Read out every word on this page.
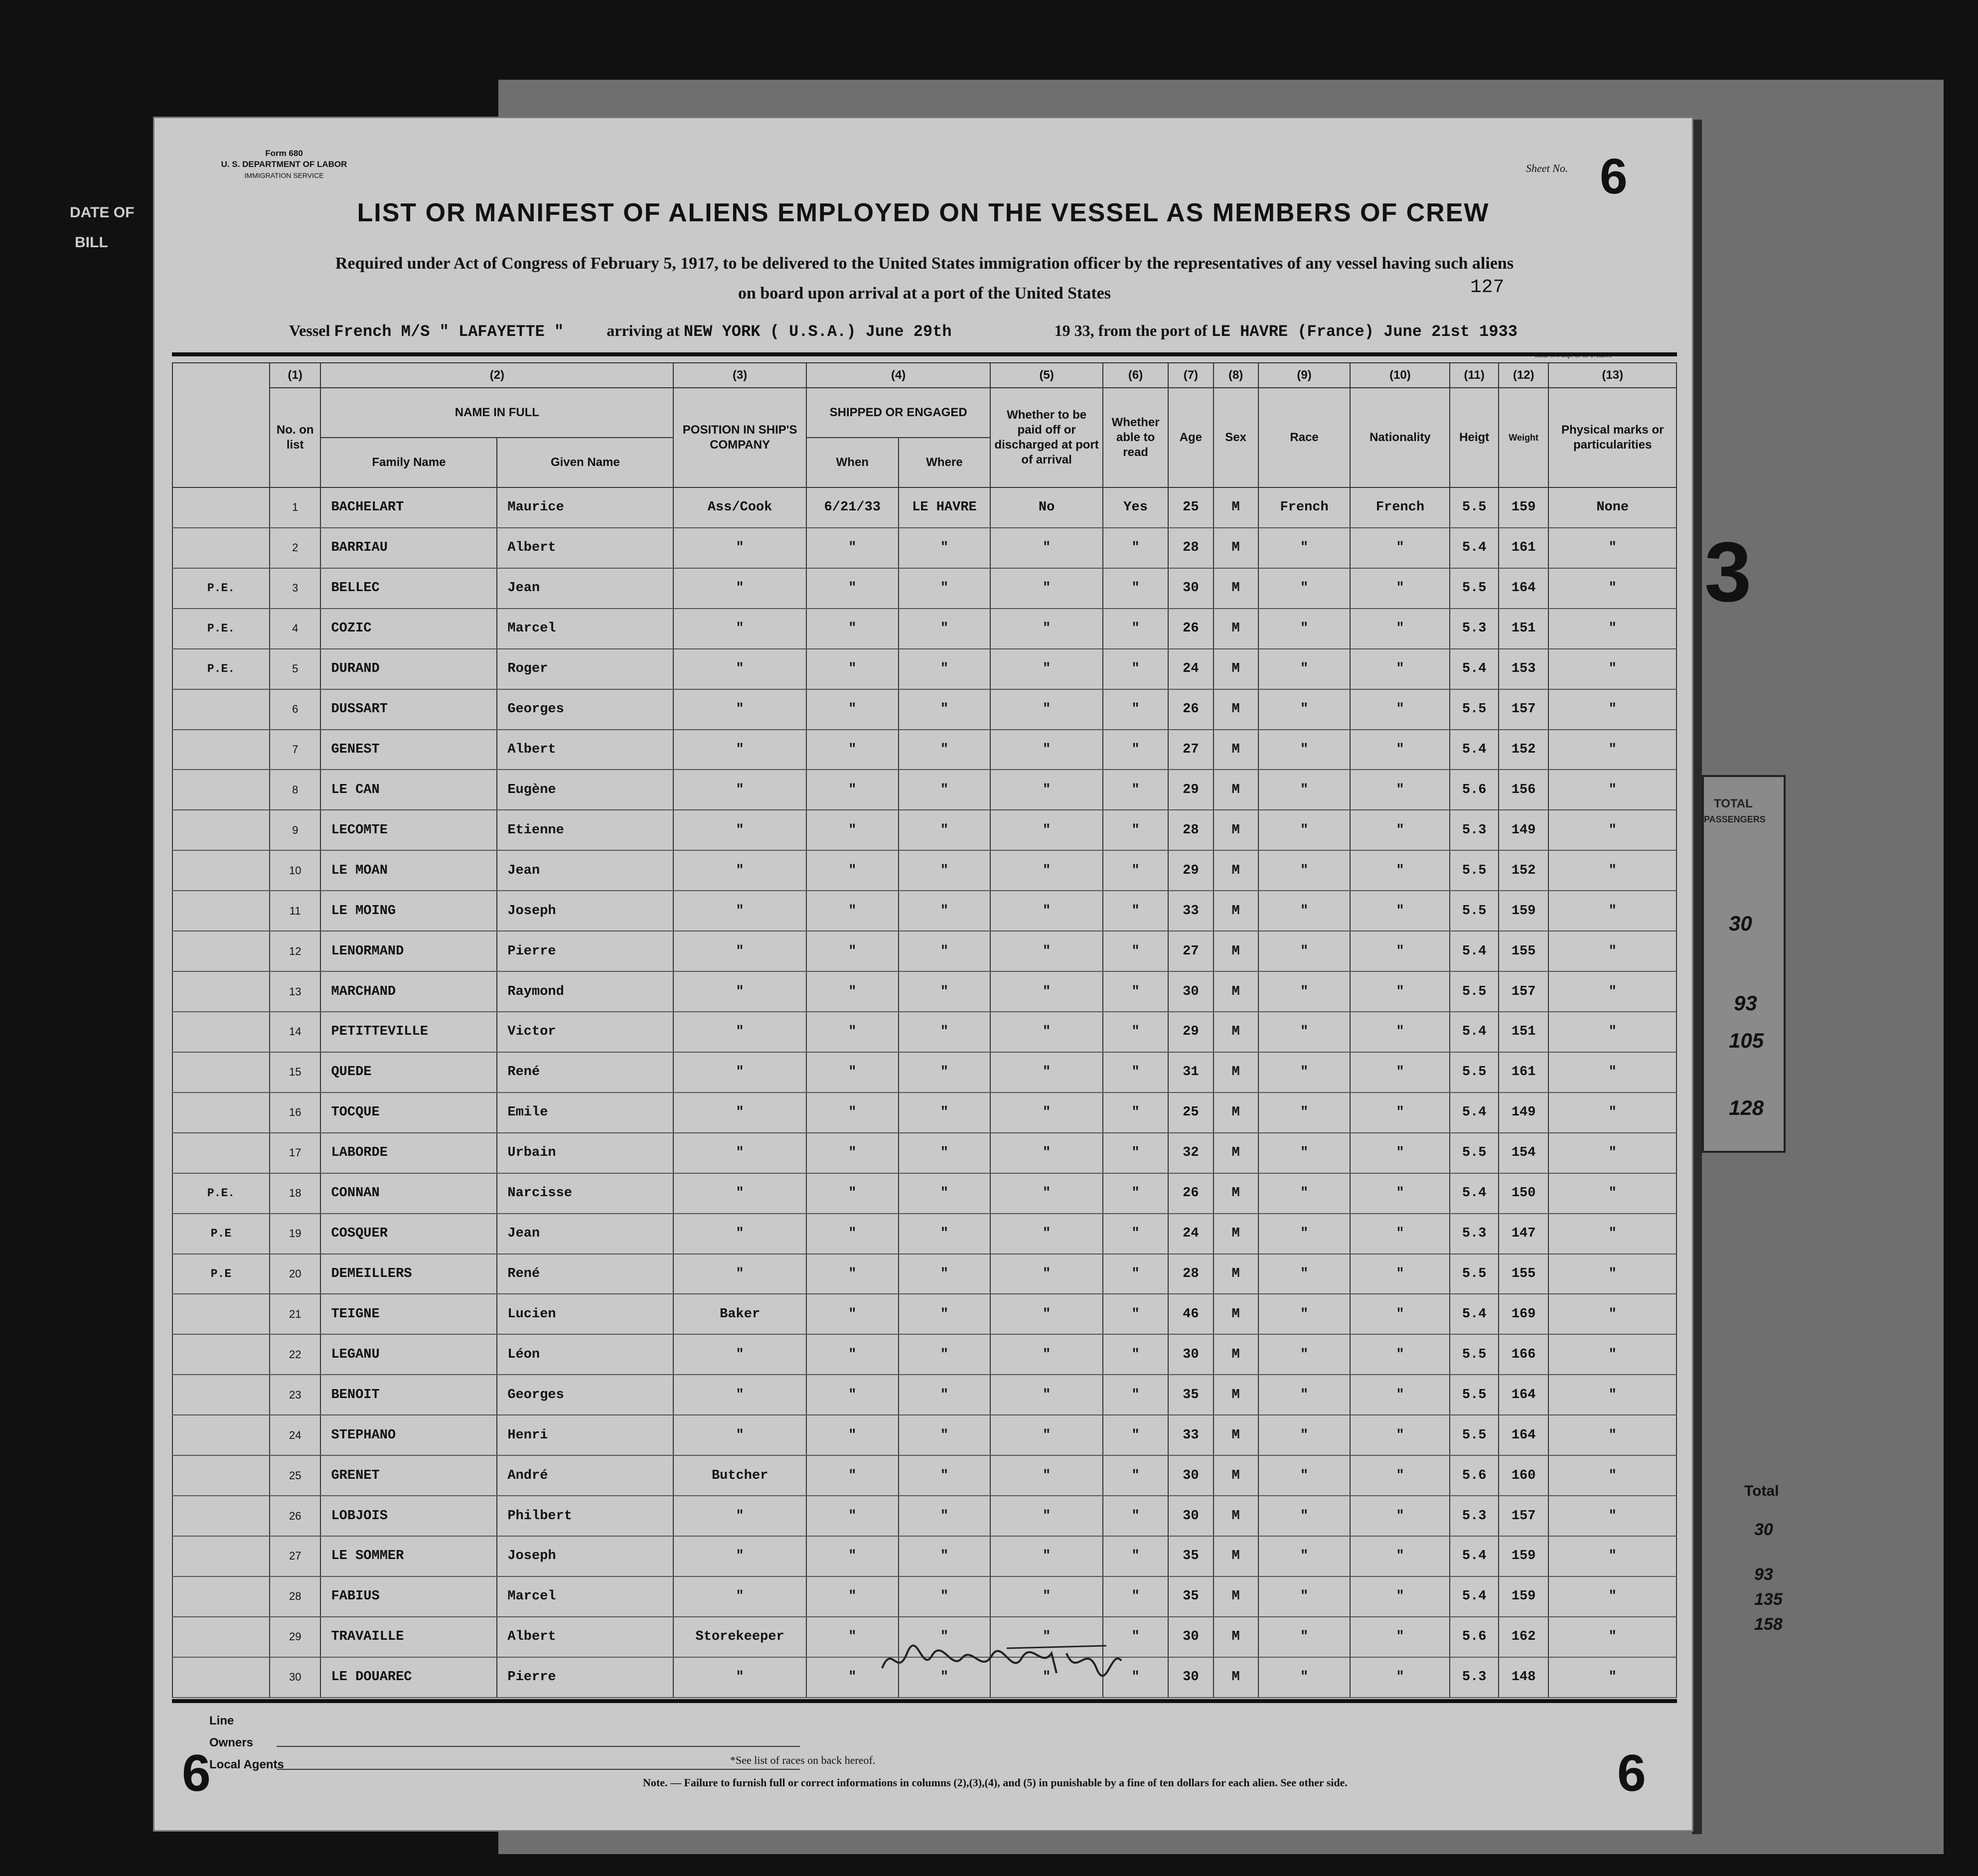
DATE OF
BILL
TOTAL
PASSENGERS
30
93
105
128
3
Total
30
93
135
158
Form 680
U. S. DEPARTMENT OF LABOR
IMMIGRATION SERVICE
Sheet No. 6
LIST OR MANIFEST OF ALIENS EMPLOYED ON THE VESSEL AS MEMBERS OF CREW
Required under Act of Congress of February 5, 1917, to be delivered to the United States immigration officer by the representatives of any vessel having such aliens
on board upon arrival at a port of the United States	127
Vessel French M/S " LAFAYETTE "	arriving at NEW YORK ( U.S.A.) June 29th	19 33, from the port of LE HAVRE (France) June 21st 1933
	(1)	(2)		(3)	(4)		(5)	(6)	(7)	(8)	(9)	(10)	(11)	(12)	(13)
	No. on list	NAME IN FULL		POSITION IN SHIP'S COMPANY	SHIPPED OR ENGAGED		Whether to be paid off or discharged at port of arrival	Whether able to read	Age	Sex	Race	Nationality	Heigt	Weight	Physical marks or particularities
		Family Name	Given Name		When	Where									
	1	BACHELART	Maurice	Ass/Cook	6/21/33	LE HAVRE	No	Yes	25	M	French	French	5.5	159	None
	2	BARRIAU	Albert	"	"	"	"	"	28	M	"	"	5.4	161	"
P.E.	3	BELLEC	Jean	"	"	"	"	"	30	M	"	"	5.5	164	"
P.E.	4	COZIC	Marcel	"	"	"	"	"	26	M	"	"	5.3	151	"
P.E.	5	DURAND	Roger	"	"	"	"	"	24	M	"	"	5.4	153	"
	6	DUSSART	Georges	"	"	"	"	"	26	M	"	"	5.5	157	"
	7	GENEST	Albert	"	"	"	"	"	27	M	"	"	5.4	152	"
	8	LE CAN	Eugène	"	"	"	"	"	29	M	"	"	5.6	156	"
	9	LECOMTE	Etienne	"	"	"	"	"	28	M	"	"	5.3	149	"
	10	LE MOAN	Jean	"	"	"	"	"	29	M	"	"	5.5	152	"
	11	LE MOING	Joseph	"	"	"	"	"	33	M	"	"	5.5	159	"
	12	LENORMAND	Pierre	"	"	"	"	"	27	M	"	"	5.4	155	"
	13	MARCHAND	Raymond	"	"	"	"	"	30	M	"	"	5.5	157	"
	14	PETITTEVILLE	Victor	"	"	"	"	"	29	M	"	"	5.4	151	"
	15	QUEDE	René	"	"	"	"	"	31	M	"	"	5.5	161	"
	16	TOCQUE	Emile	"	"	"	"	"	25	M	"	"	5.4	149	"
	17	LABORDE	Urbain	"	"	"	"	"	32	M	"	"	5.5	154	"
P.E.	18	CONNAN	Narcisse	"	"	"	"	"	26	M	"	"	5.4	150	"
P.E	19	COSQUER	Jean	"	"	"	"	"	24	M	"	"	5.3	147	"
P.E	20	DEMEILLERS	René	"	"	"	"	"	28	M	"	"	5.5	155	"
	21	TEIGNE	Lucien	Baker	"	"	"	"	46	M	"	"	5.4	169	"
	22	LEGANU	Léon	"	"	"	"	"	30	M	"	"	5.5	166	"
	23	BENOIT	Georges	"	"	"	"	"	35	M	"	"	5.5	164	"
	24	STEPHANO	Henri	"	"	"	"	"	33	M	"	"	5.5	164	"
	25	GRENET	André	Butcher	"	"	"	"	30	M	"	"	5.6	160	"
	26	LOBJOIS	Philbert	"	"	"	"	"	30	M	"	"	5.3	157	"
	27	LE SOMMER	Joseph	"	"	"	"	"	35	M	"	"	5.4	159	"
	28	FABIUS	Marcel	"	"	"	"	"	35	M	"	"	5.4	159	"
	29	TRAVAILLE	Albert	Storekeeper	"	"	"	"	30	M	"	"	5.6	162	"
	30	LE DOUAREC	Pierre	"	"	"	"	"	30	M	"	"	5.3	148	"
Line
Owners
Local Agents
6	*See list of races on back hereof.
Note. — Failure to furnish full or correct informations in columns (2),(3),(4), and (5) in punishable by a fine of ten dollars for each alien. See other side.	6
